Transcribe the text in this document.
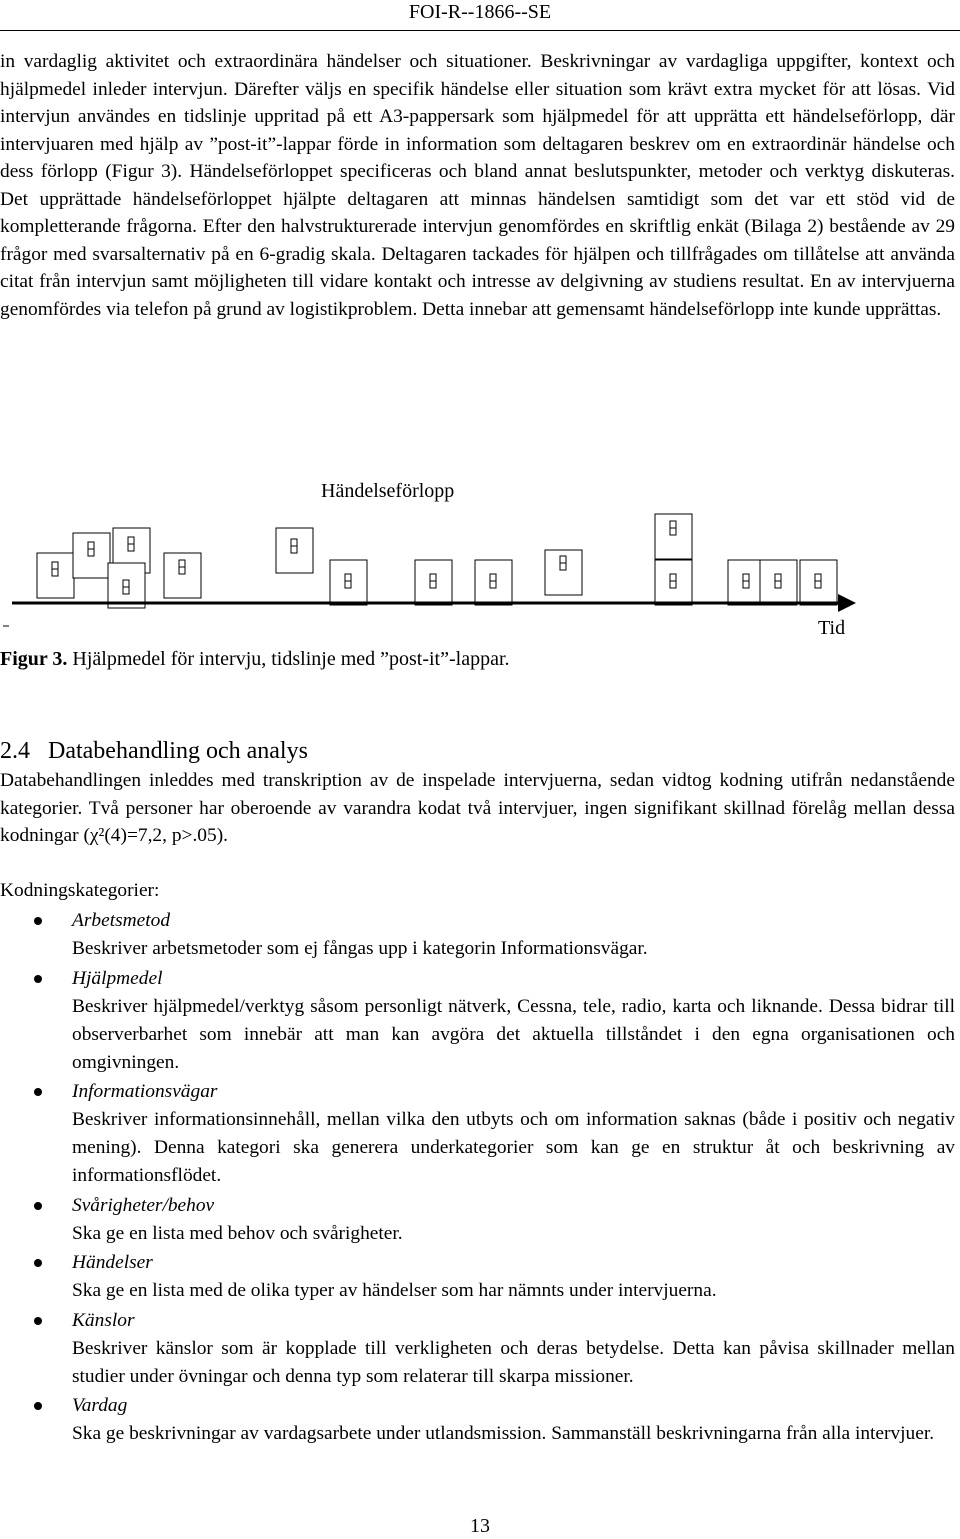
FOI-R--1866--SE

in vardaglig aktivitet och extraordinära händelser och situationer. Beskrivningar av vardagliga uppgifter, kontext och hjälpmedel inleder intervjun. Därefter väljs en specifik händelse eller situation som krävt extra mycket för att lösas. Vid intervjun användes en tidslinje uppritad på ett A3-pappersark som hjälpmedel för att upprätta ett händelseförlopp, där intervjuaren med hjälp av ”post-it”-lappar förde in information som deltagaren beskrev om en extraordinär händelse och dess förlopp (Figur 3). Händelseförloppet specificeras och bland annat beslutspunkter, metoder och verktyg diskuteras. Det upprättade händelseförloppet hjälpte deltagaren att minnas händelsen samtidigt som det var ett stöd vid de kompletterande frågorna. Efter den halvstrukturerade intervjun genomfördes en skriftlig enkät (Bilaga 2) bestående av 29 frågor med svarsalternativ på en 6-gradig skala. Deltagaren tackades för hjälpen och tillfrågades om tillåtelse att använda citat från intervjun samt möjligheten till vidare kontakt och intresse av delgivning av studiens resultat. En av intervjuerna genomfördes via telefon på grund av logistikproblem. Detta innebar att gemensamt händelseförlopp inte kunde upprättas.

Händelseförlopp
Tid
Figur 3. Hjälpmedel för intervju, tidslinje med ”post-it”-lappar.
2.4 Databehandling och analys

Databehandlingen inleddes med transkription av de inspelade intervjuerna, sedan vidtog kodning utifrån nedanstående kategorier. Två personer har oberoende av varandra kodat två intervjuer, ingen signifikant skillnad förelåg mellan dessa kodningar (χ²(4)=7,2, p>.05).

Kodningskategorier:
Arbetsmetod
Beskriver arbetsmetoder som ej fångas upp i kategorin Informationsvägar.
Hjälpmedel
Beskriver hjälpmedel/verktyg såsom personligt nätverk, Cessna, tele, radio, karta och liknande. Dessa bidrar till observerbarhet som innebär att man kan avgöra det aktuella tillståndet i den egna organisationen och omgivningen.
Informationsvägar
Beskriver informationsinnehåll, mellan vilka den utbyts och om information saknas (både i positiv och negativ mening). Denna kategori ska generera underkategorier som kan ge en struktur åt och beskrivning av informationsflödet.
Svårigheter/behov
Ska ge en lista med behov och svårigheter.
Händelser
Ska ge en lista med de olika typer av händelser som har nämnts under intervjuerna.
Känslor
Beskriver känslor som är kopplade till verkligheten och deras betydelse. Detta kan påvisa skillnader mellan studier under övningar och denna typ som relaterar till skarpa missioner.
Vardag
Ska ge beskrivningar av vardagsarbete under utlandsmission. Sammanställ beskrivningarna från alla intervjuer.
13
